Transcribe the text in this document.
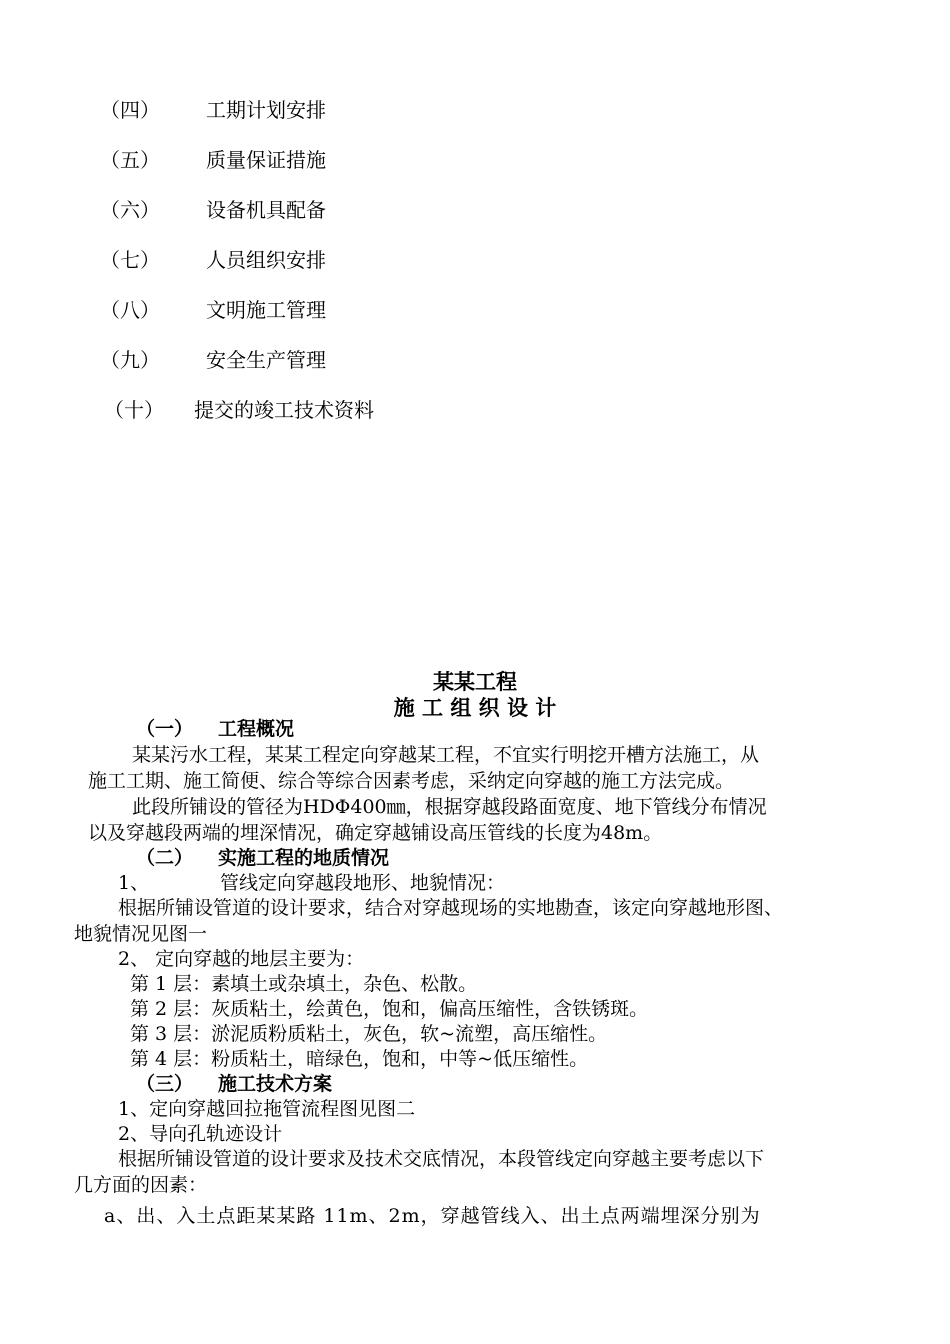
（四） 工期计划安排
（五） 质量保证措施
（六） 设备机具配备
（七） 人员组织安排
（八） 文明施工管理
（九） 安全生产管理
（十） 提交的竣工技术资料
某某工程
施 工 组 织 设 计
（一） 工程概况
某某污水工程，某某工程定向穿越某工程，不宜实行明挖开槽方法施工，从
施工工期、施工简便、综合等综合因素考虑，采纳定向穿越的施工方法完成。
此段所铺设的管径为HDΦ400㎜，根据穿越段路面宽度、地下管线分布情况
以及穿越段两端的埋深情况，确定穿越铺设高压管线的长度为48m。
（二） 实施工程的地质情况
1、	管线定向穿越段地形、地貌情况：
根据所铺设管道的设计要求，结合对穿越现场的实地勘查，该定向穿越地形图、
地貌情况见图一
2、 定向穿越的地层主要为：
第 1 层：素填土或杂填土，杂色、松散。
第 2 层：灰质粘土，绘黄色，饱和，偏高压缩性，含铁锈斑。
第 3 层：淤泥质粉质粘土，灰色，软~流塑，高压缩性。
第 4 层：粉质粘土，暗绿色，饱和，中等~低压缩性。
（三） 施工技术方案
1、定向穿越回拉拖管流程图见图二
2、导向孔轨迹设计
根据所铺设管道的设计要求及技术交底情况，本段管线定向穿越主要考虑以下
几方面的因素：
a、出、入土点距某某路 11m、2m，穿越管线入、出土点两端埋深分别为
